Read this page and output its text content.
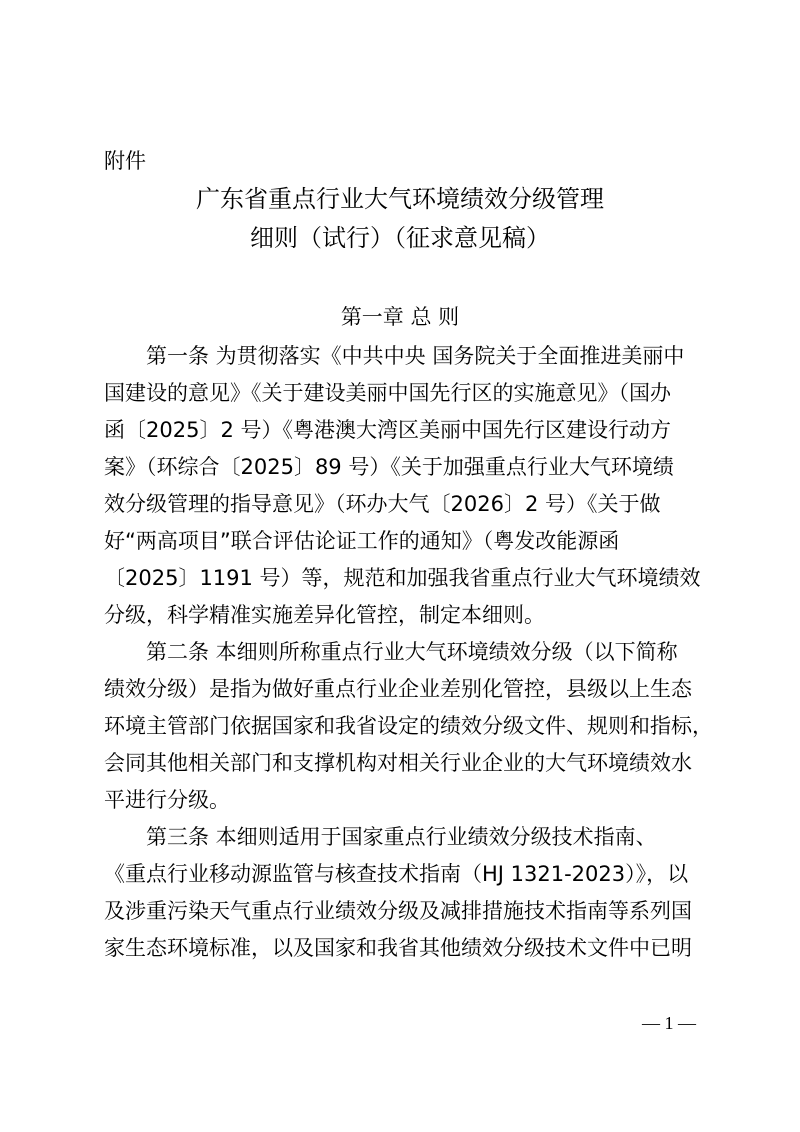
附件
广东省重点行业大气环境绩效分级管理
细则（试行）（征求意见稿）
第一章 总 则
第一条 为贯彻落实《中共中央 国务院关于全面推进美丽中
国建设的意见》《关于建设美丽中国先行区的实施意见》（国办
函〔2025〕2 号）《粤港澳大湾区美丽中国先行区建设行动方
案》（环综合〔2025〕89 号）《关于加强重点行业大气环境绩
效分级管理的指导意见》（环办大气〔2026〕2 号）《关于做
好“两高项目”联合评估论证工作的通知》（粤发改能源函
〔2025〕1191 号）等，规范和加强我省重点行业大气环境绩效
分级，科学精准实施差异化管控，制定本细则。
第二条 本细则所称重点行业大气环境绩效分级（以下简称
绩效分级）是指为做好重点行业企业差别化管控，县级以上生态
环境主管部门依据国家和我省设定的绩效分级文件、规则和指标，
会同其他相关部门和支撑机构对相关行业企业的大气环境绩效水
平进行分级。
第三条 本细则适用于国家重点行业绩效分级技术指南、
《重点行业移动源监管与核查技术指南（HJ 1321-2023）》，以
及涉重污染天气重点行业绩效分级及减排措施技术指南等系列国
家生态环境标准，以及国家和我省其他绩效分级技术文件中已明
— 1 —
